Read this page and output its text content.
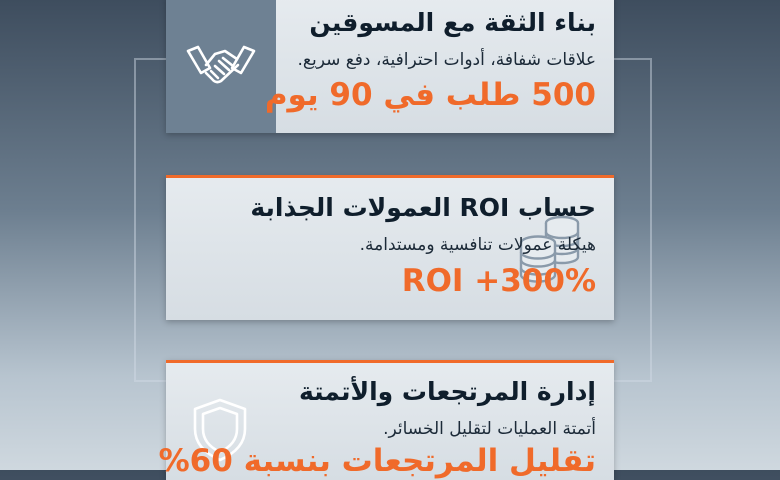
بناء الثقة مع المسوقين
علاقات شفافة، أدوات احترافية، دفع سريع.
500 طلب في 90 يوم
حساب ROI العمولات الجذابة
هيكلة عمولات تنافسية ومستدامة.
ROI +300%
إدارة المرتجعات والأتمتة
أتمتة العمليات لتقليل الخسائر.
تقليل المرتجعات بنسبة 60%
